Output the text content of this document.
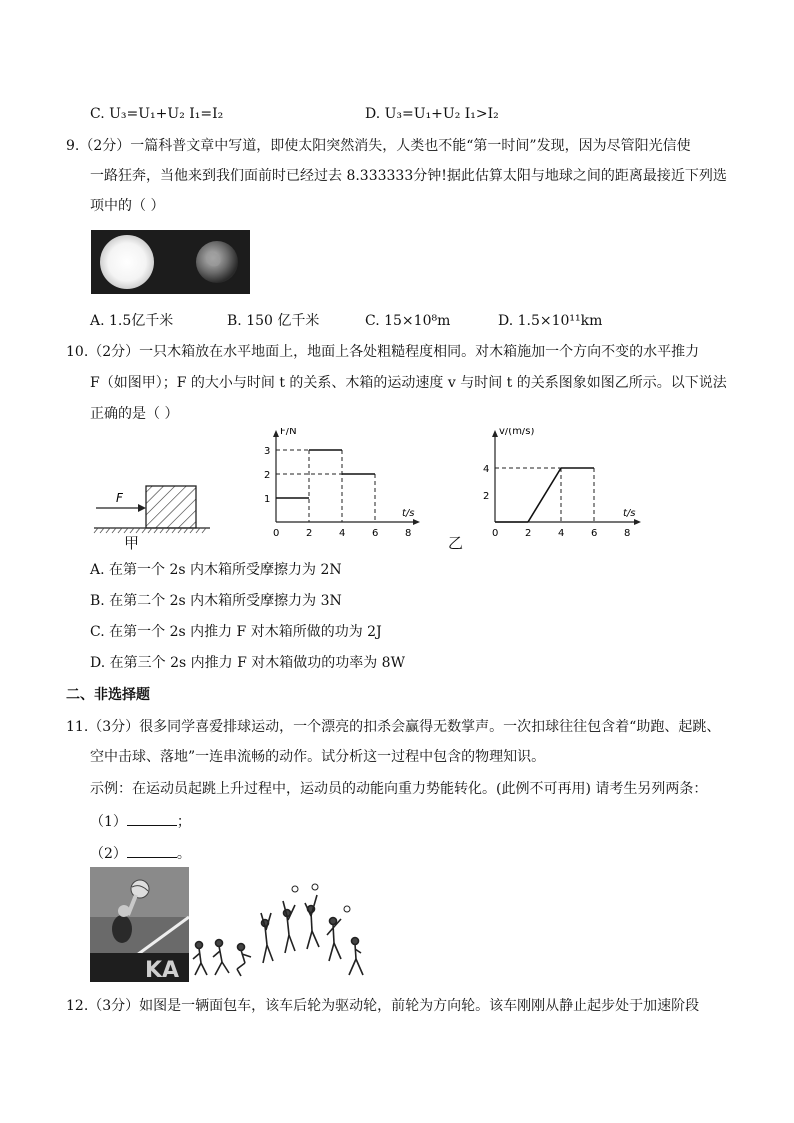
C. U₃=U₁+U₂ I₁=I₂	D. U₃=U₁+U₂ I₁>I₂
9.（2分）一篇科普文章中写道，即使太阳突然消失，人类也不能“第一时间”发现，因为尽管阳光信使
一路狂奔，当他来到我们面前时已经过去 8.333333分钟!据此估算太阳与地球之间的距离最接近下列选
项中的（ ）
A. 1.5亿千米	B. 150 亿千米	C. 15×10⁸m	D. 1.5×10¹¹km
10.（2分）一只木箱放在水平地面上，地面上各处粗糙程度相同。对木箱施加一个方向不变的水平推力
F（如图甲）；F 的大小与时间 t 的关系、木箱的运动速度 v 与时间 t 的关系图象如图乙所示。以下说法
正确的是（ ）
F
甲
F/N
t/s
0	2	4	6	8
1
2
3
v/(m/s)
t/s
0	2	4	6	8
2
4
乙
A. 在第一个 2s 内木箱所受摩擦力为 2N
B. 在第二个 2s 内木箱所受摩擦力为 3N
C. 在第一个 2s 内推力 F 对木箱所做的功为 2J
D. 在第三个 2s 内推力 F 对木箱做功的功率为 8W
二、非选择题
11.（3分）很多同学喜爱排球运动，一个漂亮的扣杀会赢得无数掌声。一次扣球往往包含着“助跑、起跳、
空中击球、落地”一连串流畅的动作。试分析这一过程中包含的物理知识。
示例：在运动员起跳上升过程中，运动员的动能向重力势能转化。(此例不可再用) 请考生另列两条：
（1）	；
（2）	。
KA
12.（3分）如图是一辆面包车，该车后轮为驱动轮，前轮为方向轮。该车刚刚从静止起步处于加速阶段
